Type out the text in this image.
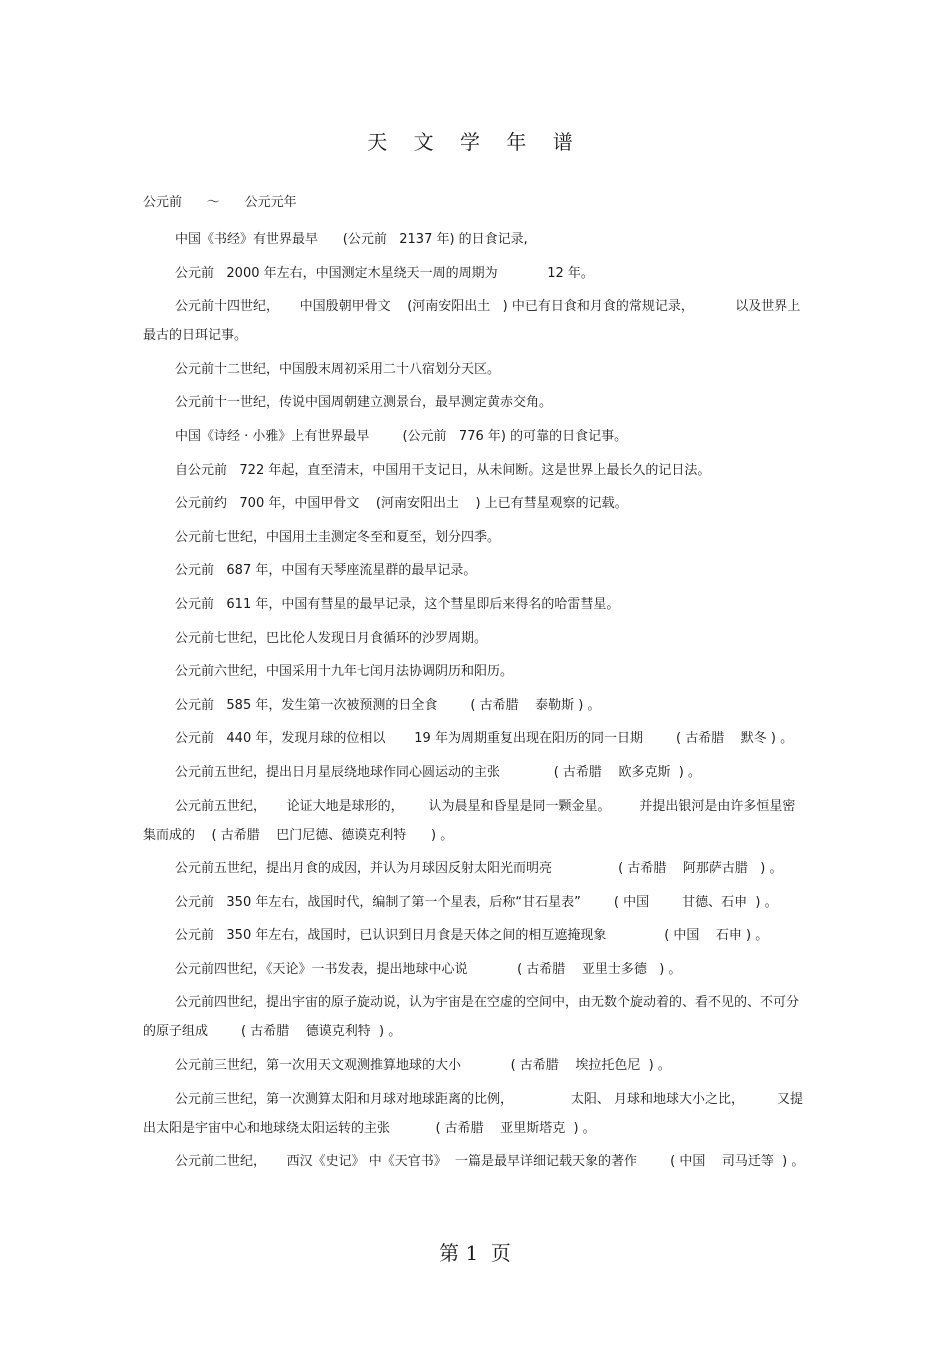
天 文 学 年 谱
公元前      ～      公元元年
中国《书经》有世界最早      (公元前   2137 年) 的日食记录,
公元前   2000 年左右，中国测定木星绕天一周的周期为            12 年。
公元前十四世纪，     中国殷朝甲骨文    (河南安阳出土   ) 中已有日食和月食的常规记录，          以及世界上最古的日珥记事。
公元前十二世纪，中国殷末周初采用二十八宿划分天区。
公元前十一世纪，传说中国周朝建立测景台，最早测定黄赤交角。
中国《诗经 · 小雅》上有世界最早        (公元前   776 年) 的可靠的日食记事。
自公元前   722 年起，直至清末，中国用干支记日，从未间断。这是世界上最长久的记日法。
公元前约   700 年，中国甲骨文    (河南安阳出土    ) 上已有彗星观察的记载。
公元前七世纪，中国用土圭测定冬至和夏至，划分四季。
公元前   687 年，中国有天琴座流星群的最早记录。
公元前   611 年，中国有彗星的最早记录，这个彗星即后来得名的哈雷彗星。
公元前七世纪，巴比伦人发现日月食循环的沙罗周期。
公元前六世纪，中国采用十九年七闰月法协调阴历和阳历。
公元前   585 年，发生第一次被预测的日全食        ( 古希腊    泰勒斯 ) 。
公元前   440 年，发现月球的位相以       19 年为周期重复出现在阳历的同一日期        ( 古希腊    默冬 ) 。
公元前五世纪，提出日月星辰绕地球作同心圆运动的主张             ( 古希腊    欧多克斯  ) 。
公元前五世纪，     论证大地是球形的，      认为晨星和昏星是同一颗金星。       并提出银河是由许多恒星密集而成的    ( 古希腊    巴门尼德、德谟克利特      ) 。
公元前五世纪，提出月食的成因，并认为月球因反射太阳光而明亮                ( 古希腊    阿那萨古腊   ) 。
公元前   350 年左右，战国时代，编制了第一个星表，后称“甘石星表”        ( 中国        甘德、石申  ) 。
公元前   350 年左右，战国时，已认识到日月食是天体之间的相互遮掩现象              ( 中国    石申 ) 。
公元前四世纪，《天论》一书发表，提出地球中心说            ( 古希腊    亚里士多德   ) 。
公元前四世纪，提出宇宙的原子旋动说，认为宇宙是在空虚的空间中，由无数个旋动着的、看不见的、不可分的原子组成        ( 古希腊    德谟克利特  ) 。
公元前三世纪，第一次用天文观测推算地球的大小            ( 古希腊    埃拉托色尼  ) 。
公元前三世纪，第一次测算太阳和月球对地球距离的比例，              太阳、 月球和地球大小之比，        又提出太阳是宇宙中心和地球绕太阳运转的主张           ( 古希腊    亚里斯塔克  ) 。
公元前二世纪，     西汉《史记》 中《天官书》  一篇是最早详细记载天象的著作        ( 中国    司马迁等  ) 。
第 1  页
